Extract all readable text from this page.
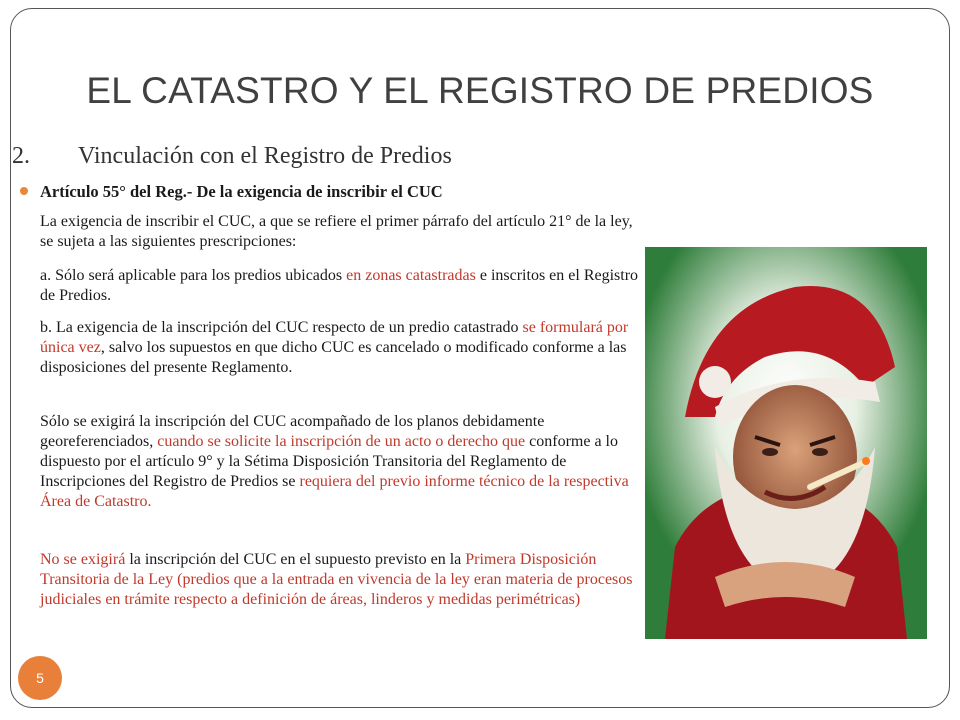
EL CATASTRO Y EL REGISTRO DE PREDIOS
2. Vinculación con el Registro de Predios
Artículo 55° del Reg.- De la exigencia de inscribir el CUC
La exigencia de inscribir el CUC, a que se refiere el primer párrafo del artículo 21° de la ley, se sujeta a las siguientes prescripciones:
a. Sólo será aplicable para los predios ubicados en zonas catastradas e inscritos en el Registro de Predios.
b. La exigencia de la inscripción del CUC respecto de un predio catastrado se formulará por única vez, salvo los supuestos en que dicho CUC es cancelado o modificado conforme a las disposiciones del presente Reglamento.
Sólo se exigirá la inscripción del CUC acompañado de los planos debidamente georeferenciados, cuando se solicite la inscripción de un acto o derecho que conforme a lo dispuesto por el artículo 9° y la Sétima Disposición Transitoria del Reglamento de Inscripciones del Registro de Predios se requiera del previo informe técnico de la respectiva Área de Catastro.
No se exigirá la inscripción del CUC en el supuesto previsto en la Primera Disposición Transitoria de la Ley (predios que a la entrada en vivencia de la ley eran materia de procesos judiciales en trámite respecto a definición de áreas, linderos y medidas perimétricas)
5
